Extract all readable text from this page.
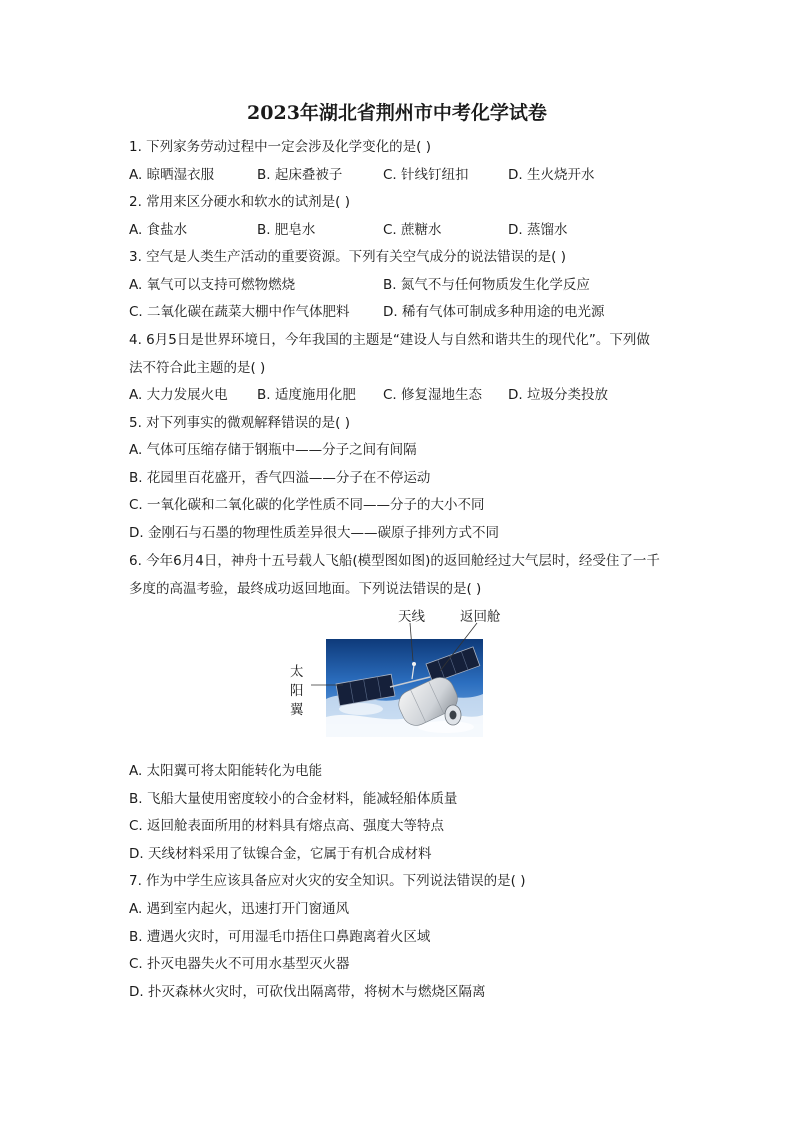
2023年湖北省荆州市中考化学试卷
1. 下列家务劳动过程中一定会涉及化学变化的是( )
A. 晾晒湿衣服	B. 起床叠被子	C. 针线钉纽扣	D. 生火烧开水
2. 常用来区分硬水和软水的试剂是( )
A. 食盐水	B. 肥皂水	C. 蔗糖水	D. 蒸馏水
3. 空气是人类生产活动的重要资源。下列有关空气成分的说法错误的是( )
A. 氧气可以支持可燃物燃烧	B. 氮气不与任何物质发生化学反应
C. 二氧化碳在蔬菜大棚中作气体肥料 D. 稀有气体可制成多种用途的电光源
4. 6月5日是世界环境日，今年我国的主题是“建设人与自然和谐共生的现代化”。下列做
法不符合此主题的是( )
A. 大力发展火电 B. 适度施用化肥 C. 修复湿地生态 D. 垃圾分类投放
5. 对下列事实的微观解释错误的是( )
A. 气体可压缩存储于钢瓶中——分子之间有间隔
B. 花园里百花盛开，香气四溢——分子在不停运动
C. 一氧化碳和二氧化碳的化学性质不同——分子的大小不同
D. 金刚石与石墨的物理性质差异很大——碳原子排列方式不同
6. 今年6月4日，神舟十五号载人飞船(模型图如图)的返回舱经过大气层时，经受住了一千
多度的高温考验，最终成功返回地面。下列说法错误的是( )
天线	返回舱
太阳翼
A. 太阳翼可将太阳能转化为电能
B. 飞船大量使用密度较小的合金材料，能减轻船体质量
C. 返回舱表面所用的材料具有熔点高、强度大等特点
D. 天线材料采用了钛镍合金，它属于有机合成材料
7. 作为中学生应该具备应对火灾的安全知识。下列说法错误的是( )
A. 遇到室内起火，迅速打开门窗通风
B. 遭遇火灾时，可用湿毛巾捂住口鼻跑离着火区域
C. 扑灭电器失火不可用水基型灭火器
D. 扑灭森林火灾时，可砍伐出隔离带，将树木与燃烧区隔离
